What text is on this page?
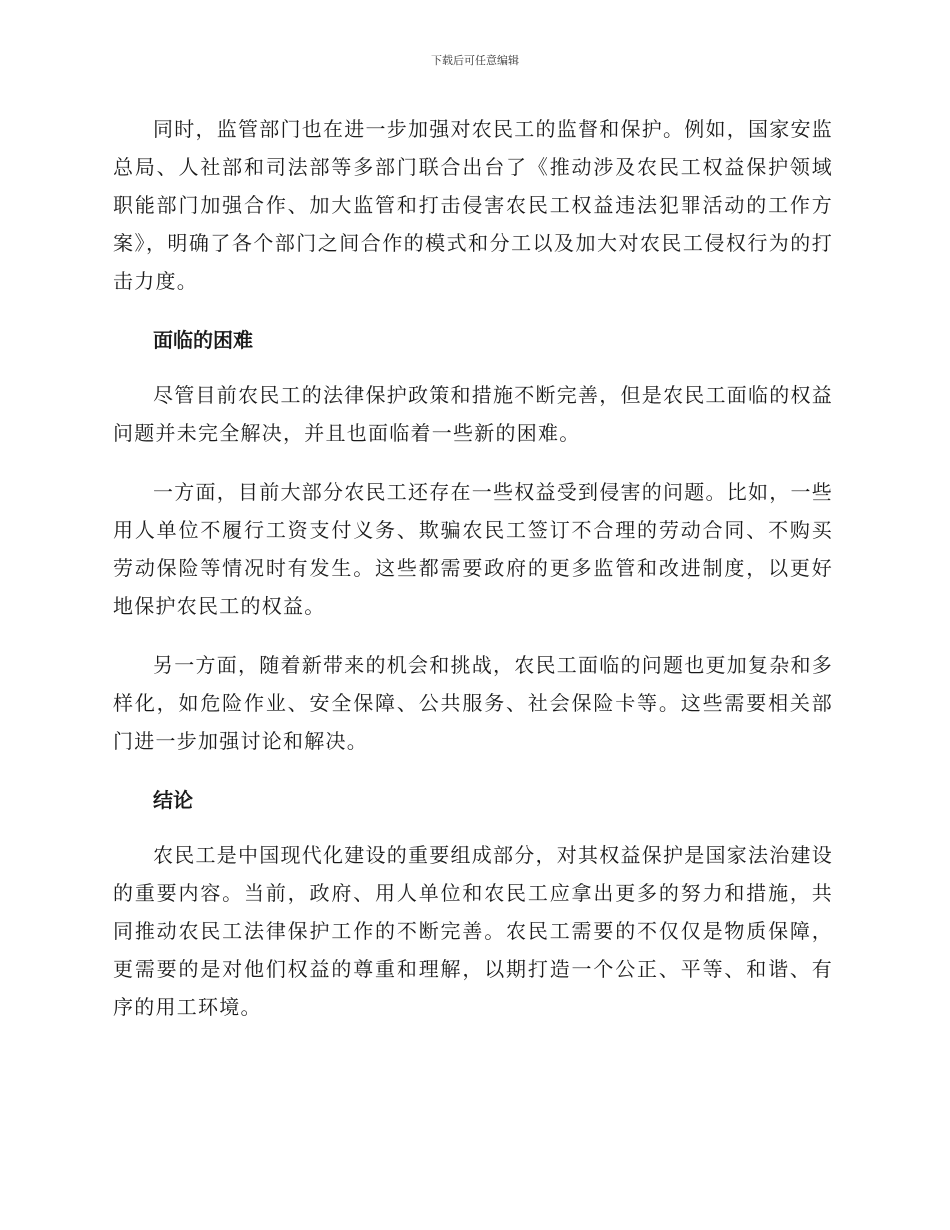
下载后可任意编辑

同时，监管部门也在进一步加强对农民工的监督和保护。例如，国家安监总局、人社部和司法部等多部门联合出台了《推动涉及农民工权益保护领域职能部门加强合作、加大监管和打击侵害农民工权益违法犯罪活动的工作方案》，明确了各个部门之间合作的模式和分工以及加大对农民工侵权行为的打击力度。

面临的困难

尽管目前农民工的法律保护政策和措施不断完善，但是农民工面临的权益问题并未完全解决，并且也面临着一些新的困难。

一方面，目前大部分农民工还存在一些权益受到侵害的问题。比如，一些用人单位不履行工资支付义务、欺骗农民工签订不合理的劳动合同、不购买劳动保险等情况时有发生。这些都需要政府的更多监管和改进制度，以更好地保护农民工的权益。

另一方面，随着新带来的机会和挑战，农民工面临的问题也更加复杂和多样化，如危险作业、安全保障、公共服务、社会保险卡等。这些需要相关部门进一步加强讨论和解决。

结论

农民工是中国现代化建设的重要组成部分，对其权益保护是国家法治建设的重要内容。当前，政府、用人单位和农民工应拿出更多的努力和措施，共同推动农民工法律保护工作的不断完善。农民工需要的不仅仅是物质保障，更需要的是对他们权益的尊重和理解，以期打造一个公正、平等、和谐、有序的用工环境。
